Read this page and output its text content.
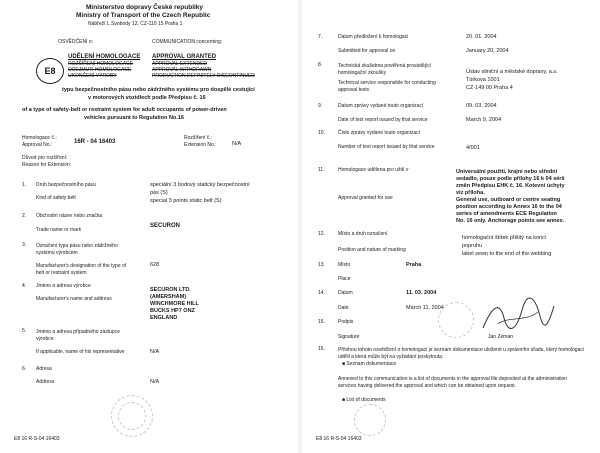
Ministerstvo dopravy České republiky
Ministry of Transport of the Czech Republic
Nábřeží L.Svobody 12, CZ-110 15 Praha 1
OSVĚDČENÍ o:	COMMUNICATION concerning:
E8
UDĚLENÍ HOMOLOGACE
ROZŠÍŘENÍ HOMOLOGACE
ODEJMUTÍ HOMOLOGACE
UKONČENÍ VÝROBY
APPROVAL GRANTED
APPROVAL EXTENDED
APPROVAL WITHDRAWN
PRODUCTION DEFINITELY DISCONTINUED
typu bezpečnostního pásu nebo zádržného systému pro dospělé cestující
v motorových vozidlech podle Předpisu č. 16
of a type of safety-belt or restraint system for adult occupants of power-driven
vehicles pursuant to Regulation No.16
Homologace č.:
Approval No.:	16R - 04 16403
Rozšíření č.:
Extension No.:	N/A
Důvod pro rozšíření:
Reason for Extension:
1. Druh bezpečnostního pásu
Kind of safety belt
speciální 3 bodový statický bezpečnostní
pás (S)
special 3 points static belt (S)
2. Obchodní název nebo značka
Trade name or mark
SECURON
3. Označení typu pásu nebo zádržného systému výrobcem
Manufacturer's designation of the type of belt or restraint system
628
4. Jméno a adresa výrobce
Manufacturer's name and address
SECURON LTD.
(AMERSHAM)
WINCHMORE HILL
BUCKS HP7 ONZ
ENGLAND
5. Jméno a adresa případného zástupce výrobce
If applicable, name of his representative	N/A
6. Adresa
Address	N/A
E8 16 R-S-04 16403
7.	Datum předložení k homologaci
Submitted for approval on
20. 01. 2004
January 20, 2004
8.	Technická zkušebna pověřená provádějící homologační zkoušky
Technical service responsible for conducting approval tests
Ústav silniční a městské dopravy, a.s.
Türkova 1001
CZ-149 00 Praha 4
9.	Datum zprávy vydané touto organizací
Date of test report issued by that service
09. 03. 2004
March 9, 2004
10.	Číslo zprávy vydané touto organizací
Number of test report issued by that service	4/001
11.	Homologace udělena pro užití v
Approval granted for use
Universální použití, krajní nebo střední
sedadlo, pouze podle přílohy 16 k 04 sérii
změn Předpisu EHK č. 16. Kotevní úchyty
viz příloha.
General use, outboard or centre seating
position according to Annex 16 to the 04
series of amendments ECE Regulation
No. 16 only. Anchorage points see annex.
12.	Místo a druh označení
Position and nature of marking
homologační štítek přišitý na konci
popruhu
label sewn to the end of the webbing
13.	Místo
Place
Praha
14.	Datum
Date
11. 03. 2004
March 11, 2004
15.	Podpis
Signature	Jan Zeman
16.	Přílohou tohoto osvědčení o homologaci je seznam dokumentace uložené u správního úřadu, který homologaci udělil a která může být na vyžádání poskytnuta.
■ Seznam dokumentace
Annexed to this communication is a list of documents in the approval file deposited at the administration services having delivered the approval and which can be obtained upon request.
■ List of documents
E8 16 R-S-04 16403
